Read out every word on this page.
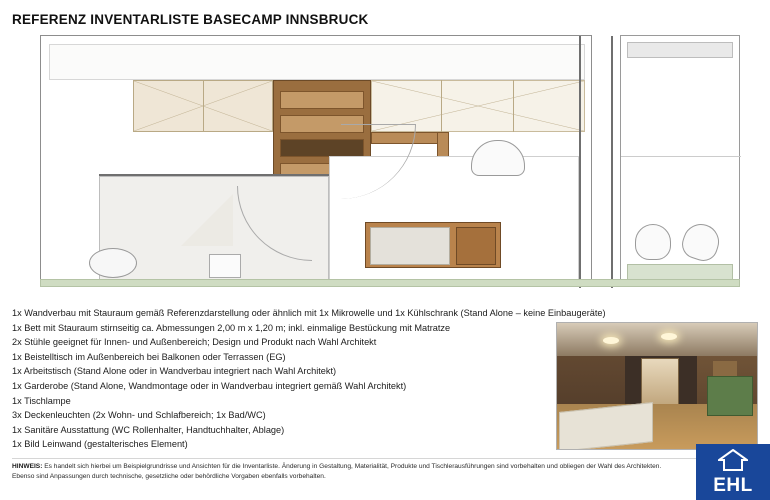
REFERENZ INVENTARLISTE BASECAMP INNSBRUCK
1x Wandverbau mit Stauraum gemäß Referenzdarstellung oder ähnlich mit 1x Mikrowelle und 1x Kühlschrank (Stand Alone – keine Einbaugeräte)
1x Bett mit Stauraum stirnseitig ca. Abmessungen 2,00 m x 1,20 m; inkl. einmalige Bestückung mit Matratze
2x Stühle geeignet für Innen- und Außenbereich; Design und Produkt nach Wahl Architekt
1x Beistelltisch im Außenbereich bei Balkonen oder Terrassen (EG)
1x Arbeitstisch (Stand Alone oder in Wandverbau integriert nach Wahl Architekt)
1x Garderobe (Stand Alone, Wandmontage oder in Wandverbau integriert gemäß Wahl Architekt)
1x Tischlampe
3x Deckenleuchten (2x Wohn- und Schlafbereich; 1x Bad/WC)
1x Sanitäre Ausstattung (WC Rollenhalter, Handtuchhalter, Ablage)
1x Bild Leinwand (gestalterisches Element)
HINWEIS: Es handelt sich hierbei um Beispielgrundrisse und Ansichten für die Inventarliste. Änderung in Gestaltung, Materialität, Produkte und Tischlerausführungen sind vorbehalten und obliegen der Wahl des Architekten.
Ebenso sind Anpassungen durch technische, gesetzliche oder behördliche Vorgaben ebenfalls vorbehalten.	EHL
